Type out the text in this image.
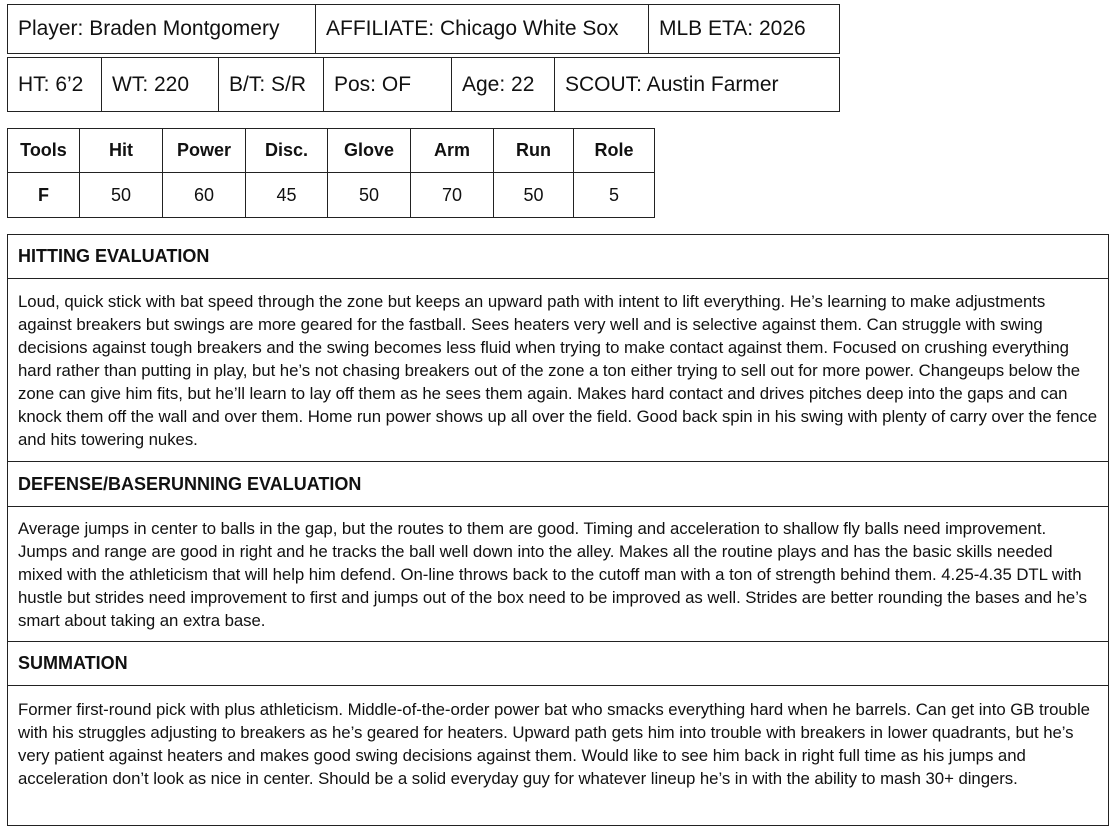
Player: Braden Montgomery	AFFILIATE: Chicago White Sox	MLB ETA: 2026
HT: 6’2	WT: 220	B/T: S/R	Pos: OF	Age: 22	SCOUT: Austin Farmer
Tools	Hit	Power	Disc.	Glove	Arm	Run	Role
F	50	60	45	50	70	50	5
HITTING EVALUATION
Loud, quick stick with bat speed through the zone but keeps an upward path with intent to lift everything. He’s learning to make adjustments against breakers but swings are more geared for the fastball. Sees heaters very well and is selective against them. Can struggle with swing decisions against tough breakers and the swing becomes less fluid when trying to make contact against them. Focused on crushing everything hard rather than putting in play, but he’s not chasing breakers out of the zone a ton either trying to sell out for more power. Changeups below the zone can give him fits, but he’ll learn to lay off them as he sees them again. Makes hard contact and drives pitches deep into the gaps and can knock them off the wall and over them. Home run power shows up all over the field. Good back spin in his swing with plenty of carry over the fence and hits towering nukes.
DEFENSE/BASERUNNING EVALUATION
Average jumps in center to balls in the gap, but the routes to them are good. Timing and acceleration to shallow fly balls need improvement. Jumps and range are good in right and he tracks the ball well down into the alley. Makes all the routine plays and has the basic skills needed mixed with the athleticism that will help him defend. On-line throws back to the cutoff man with a ton of strength behind them. 4.25-4.35 DTL with hustle but strides need improvement to first and jumps out of the box need to be improved as well. Strides are better rounding the bases and he’s smart about taking an extra base.
SUMMATION
Former first-round pick with plus athleticism. Middle-of-the-order power bat who smacks everything hard when he barrels. Can get into GB trouble with his struggles adjusting to breakers as he’s geared for heaters. Upward path gets him into trouble with breakers in lower quadrants, but he’s very patient against heaters and makes good swing decisions against them. Would like to see him back in right full time as his jumps and acceleration don’t look as nice in center. Should be a solid everyday guy for whatever lineup he’s in with the ability to mash 30+ dingers.
